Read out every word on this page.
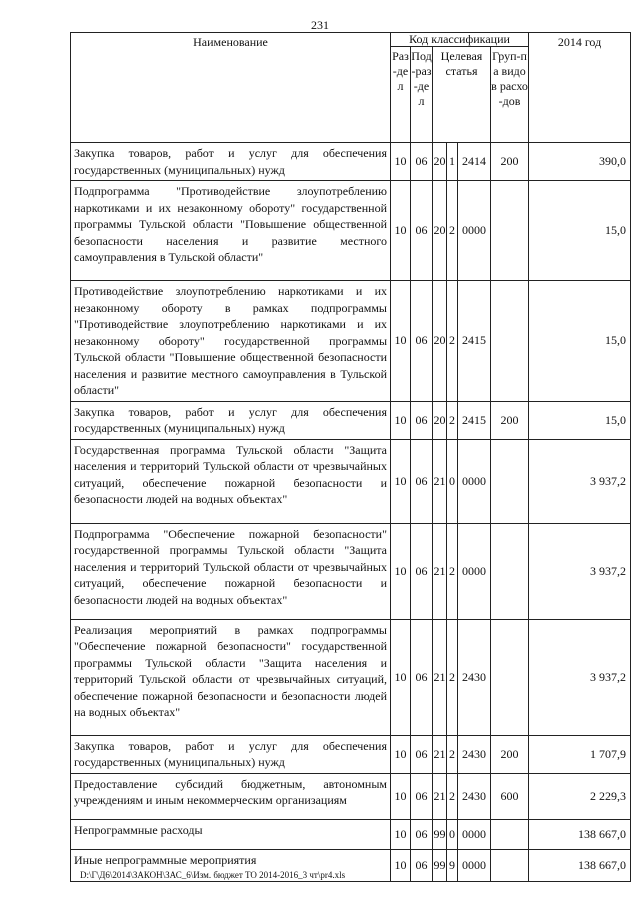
231
Наименование	Код классификации						2014 год
	Раз-дел	Под-раз-дел	Целевая статья			Груп-па видов расхо-дов	
Закупка товаров, работ и услуг для обеспечения государственных (муниципальных) нужд	10	06	20	1	2414	200	390,0
Подпрограмма "Противодействие злоупотреблению наркотиками и их незаконному обороту" государственной программы Тульской области "Повышение общественной безопасности населения и развитие местного самоуправления в Тульской области"	10	06	20	2	0000		15,0
Противодействие злоупотреблению наркотиками и их незаконному обороту в рамках подпрограммы "Противодействие злоупотреблению наркотиками и их незаконному обороту" государственной программы Тульской области "Повышение общественной безопасности населения и развитие местного самоуправления в Тульской области"	10	06	20	2	2415		15,0
Закупка товаров, работ и услуг для обеспечения государственных (муниципальных) нужд	10	06	20	2	2415	200	15,0
Государственная программа Тульской области "Защита населения и территорий Тульской области от чрезвычайных ситуаций, обеспечение пожарной безопасности и безопасности людей на водных объектах"	10	06	21	0	0000		3 937,2
Подпрограмма "Обеспечение пожарной безопасности" государственной программы Тульской области "Защита населения и территорий Тульской области от чрезвычайных ситуаций, обеспечение пожарной безопасности и безопасности людей на водных объектах"	10	06	21	2	0000		3 937,2
Реализация мероприятий в рамках подпрограммы "Обеспечение пожарной безопасности" государственной программы Тульской области "Защита населения и территорий Тульской области от чрезвычайных ситуаций, обеспечение пожарной безопасности и безопасности людей на водных объектах"	10	06	21	2	2430		3 937,2
Закупка товаров, работ и услуг для обеспечения государственных (муниципальных) нужд	10	06	21	2	2430	200	1 707,9
Предоставление субсидий бюджетным, автономным учреждениям и иным некоммерческим организациям	10	06	21	2	2430	600	2 229,3
Непрограммные расходы	10	06	99	0	0000		138 667,0
Иные непрограммные мероприятия	10	06	99	9	0000		138 667,0
D:\Г\Д6\2014\ЗАКОН\ЗАС_6\Изм. бюджет ТО 2014-2016_3 чт\pr4.xls
